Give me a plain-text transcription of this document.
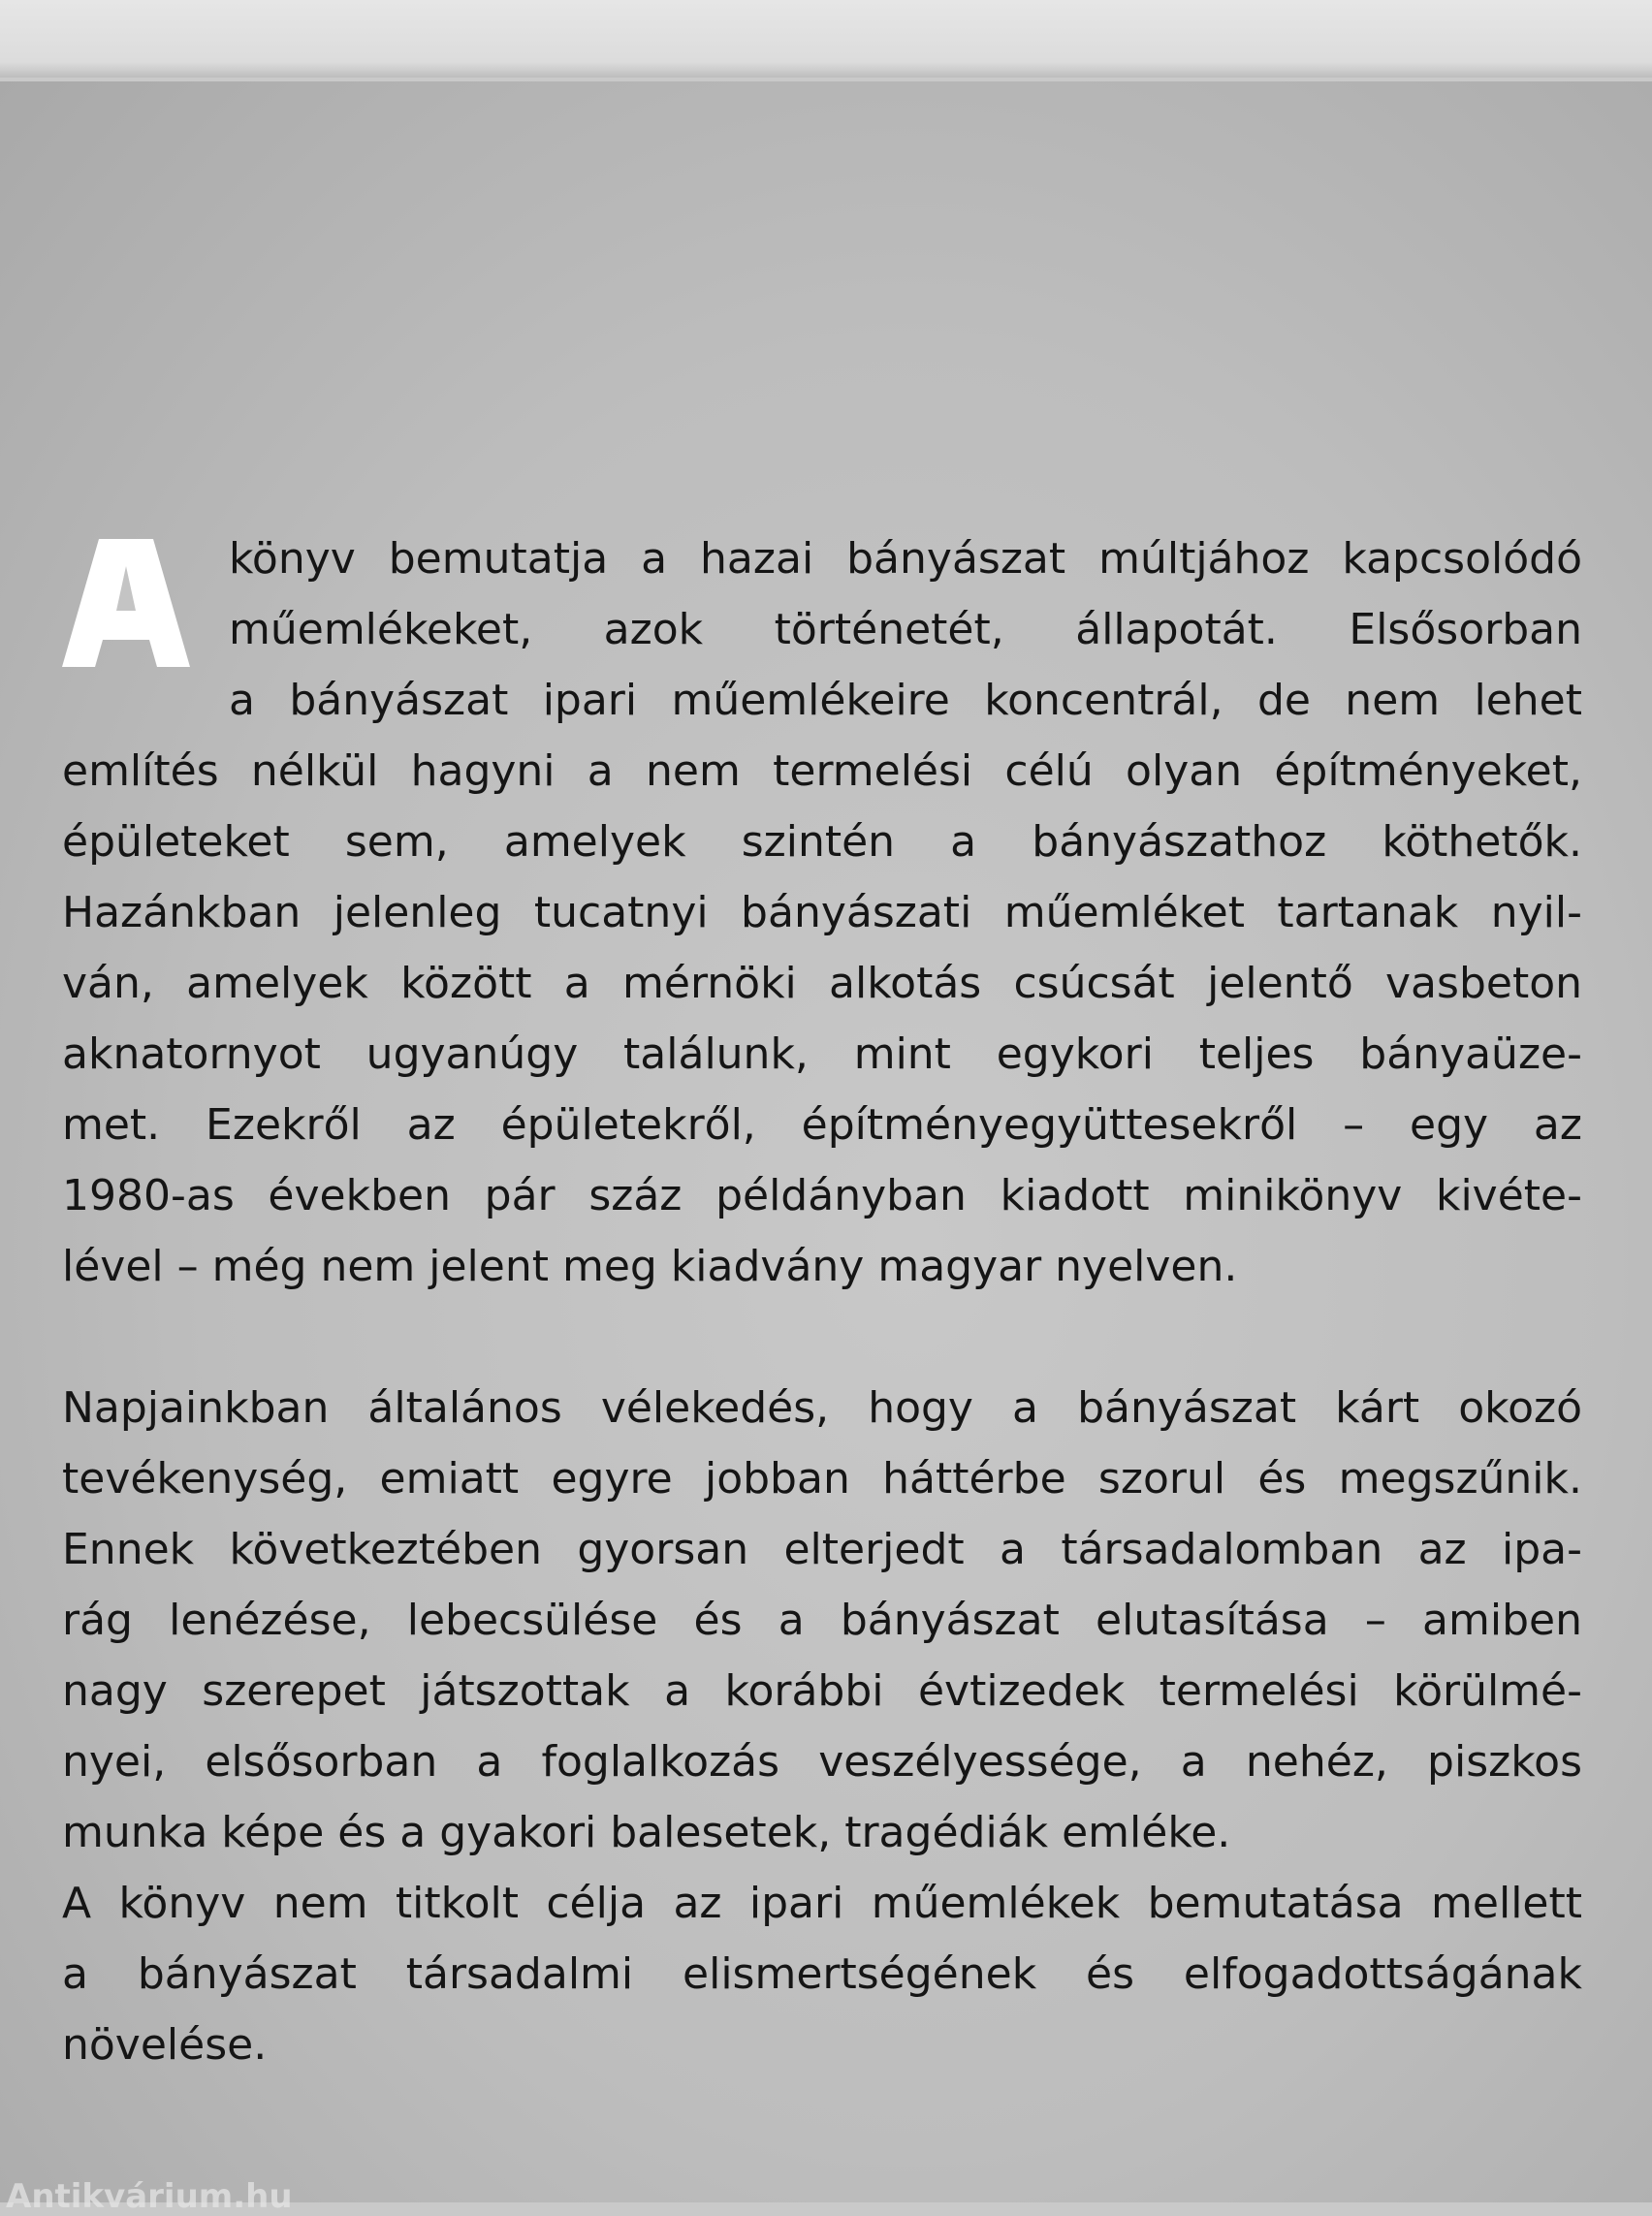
könyv bemutatja a hazai bányászat múltjához kapcsolódó
műemlékeket, azok történetét, állapotát. Elsősorban
a bányászat ipari műemlékeire koncentrál, de nem lehet
említés nélkül hagyni a nem termelési célú olyan építményeket,
épületeket sem, amelyek szintén a bányászathoz köthetők.
Hazánkban jelenleg tucatnyi bányászati műemléket tartanak nyil-
ván, amelyek között a mérnöki alkotás csúcsát jelentő vasbeton
aknatornyot ugyanúgy találunk, mint egykori teljes bányaüze-
met. Ezekről az épületekről, építményegyüttesekről – egy az
1980-as években pár száz példányban kiadott minikönyv kivéte-
lével – még nem jelent meg kiadvány magyar nyelven.
Napjainkban általános vélekedés, hogy a bányászat kárt okozó
tevékenység, emiatt egyre jobban háttérbe szorul és megszűnik.
Ennek következtében gyorsan elterjedt a társadalomban az ipa-
rág lenézése, lebecsülése és a bányászat elutasítása – amiben
nagy szerepet játszottak a korábbi évtizedek termelési körülmé-
nyei, elsősorban a foglalkozás veszélyessége, a nehéz, piszkos
munka képe és a gyakori balesetek, tragédiák emléke.
A könyv nem titkolt célja az ipari műemlékek bemutatása mellett
a bányászat társadalmi elismertségének és elfogadottságának
növelése.
Antikvárium.hu
